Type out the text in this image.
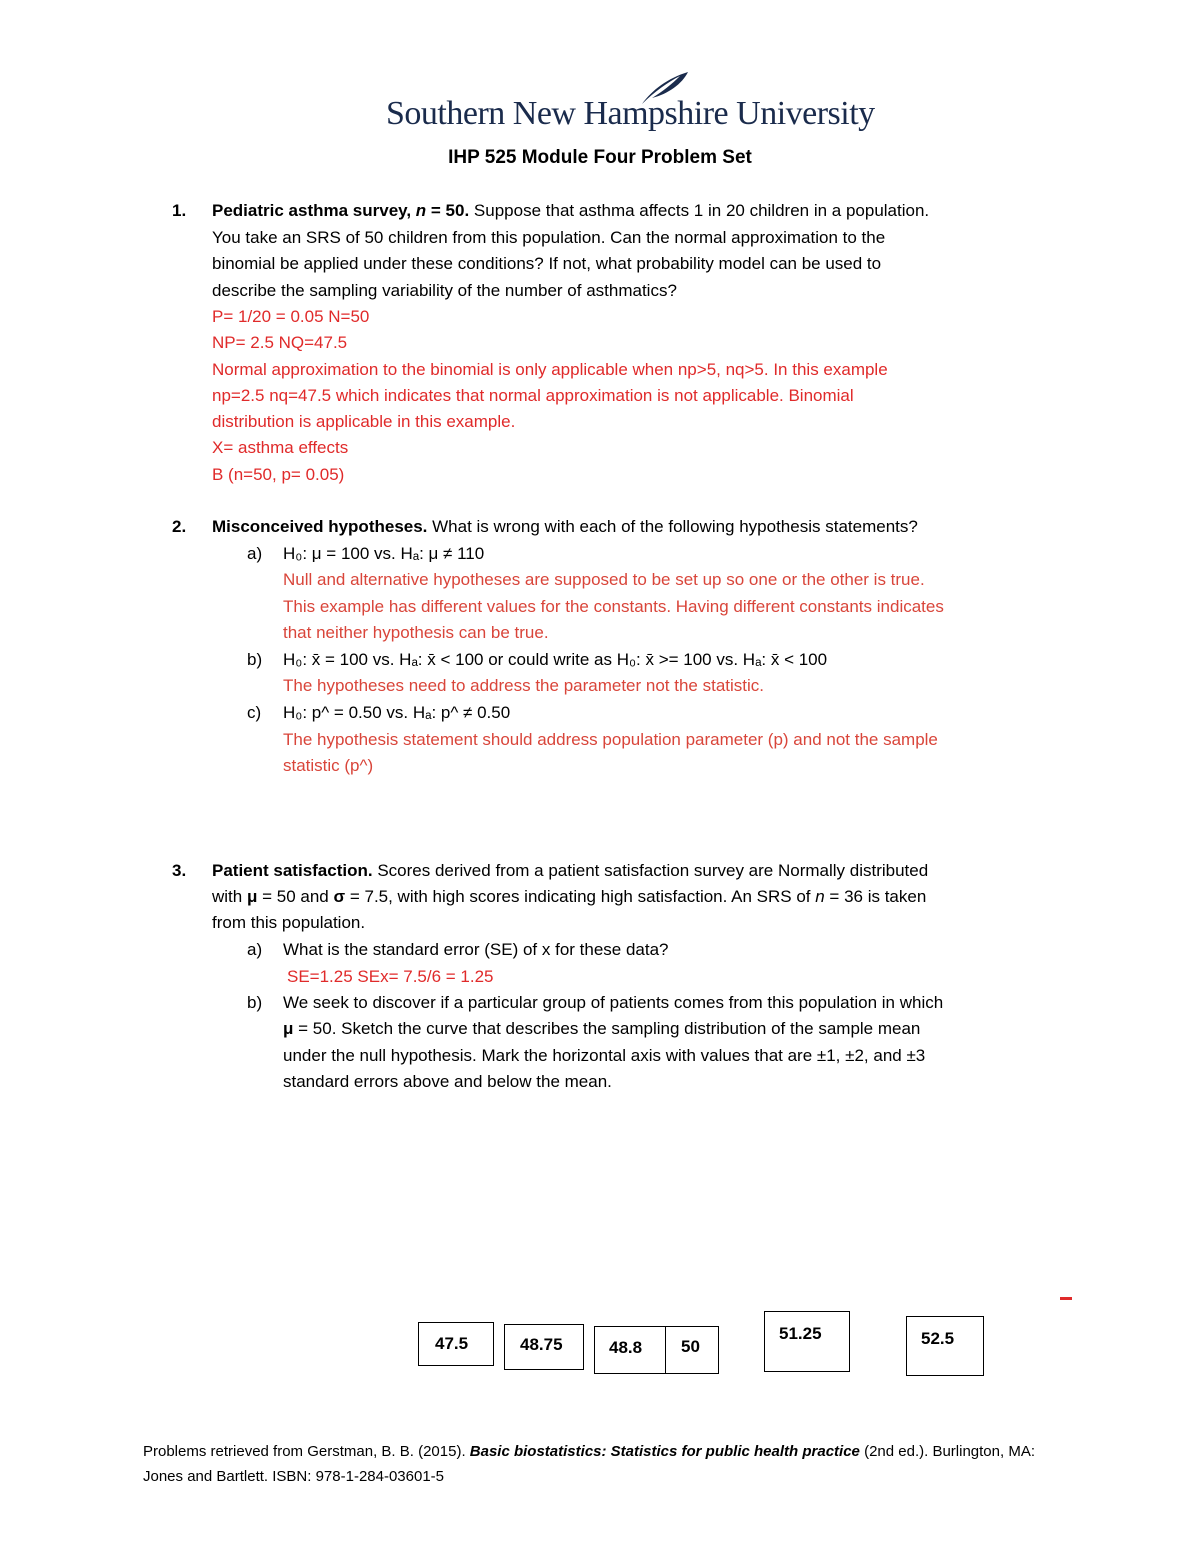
Southern New Hampshire University
IHP 525 Module Four Problem Set
1. Pediatric asthma survey, n = 50. Suppose that asthma affects 1 in 20 children in a population.
You take an SRS of 50 children from this population. Can the normal approximation to the
binomial be applied under these conditions? If not, what probability model can be used to
describe the sampling variability of the number of asthmatics?
P= 1/20 = 0.05 N=50
NP= 2.5 NQ=47.5
Normal approximation to the binomial is only applicable when np>5, nq>5. In this example
np=2.5 nq=47.5 which indicates that normal approximation is not applicable. Binomial
distribution is applicable in this example.
X= asthma effects
B (n=50, p= 0.05)
2. Misconceived hypotheses. What is wrong with each of the following hypothesis statements?
a) H₀: μ = 100 vs. Hₐ: μ ≠ 110
Null and alternative hypotheses are supposed to be set up so one or the other is true.
This example has different values for the constants. Having different constants indicates
that neither hypothesis can be true.
b) H₀: x̄ = 100 vs. Hₐ: x̄ < 100 or could write as H₀: x̄ >= 100 vs. Hₐ: x̄ < 100
The hypotheses need to address the parameter not the statistic.
c) H₀: p^ = 0.50 vs. Hₐ: p^ ≠ 0.50
The hypothesis statement should address population parameter (p) and not the sample
statistic (p^)
3. Patient satisfaction. Scores derived from a patient satisfaction survey are Normally distributed
with μ = 50 and σ = 7.5, with high scores indicating high satisfaction. An SRS of n = 36 is taken
from this population.
a) What is the standard error (SE) of x for these data?
SE=1.25 SEx= 7.5/6 = 1.25
b) We seek to discover if a particular group of patients comes from this population in which
μ = 50. Sketch the curve that describes the sampling distribution of the sample mean
under the null hypothesis. Mark the horizontal axis with values that are ±1, ±2, and ±3
standard errors above and below the mean.
47.5	48.75	48.8 50
51.25	52.5
Problems retrieved from Gerstman, B. B. (2015). Basic biostatistics: Statistics for public health practice (2nd ed.). Burlington, MA:
Jones and Bartlett. ISBN: 978-1-284-03601-5
